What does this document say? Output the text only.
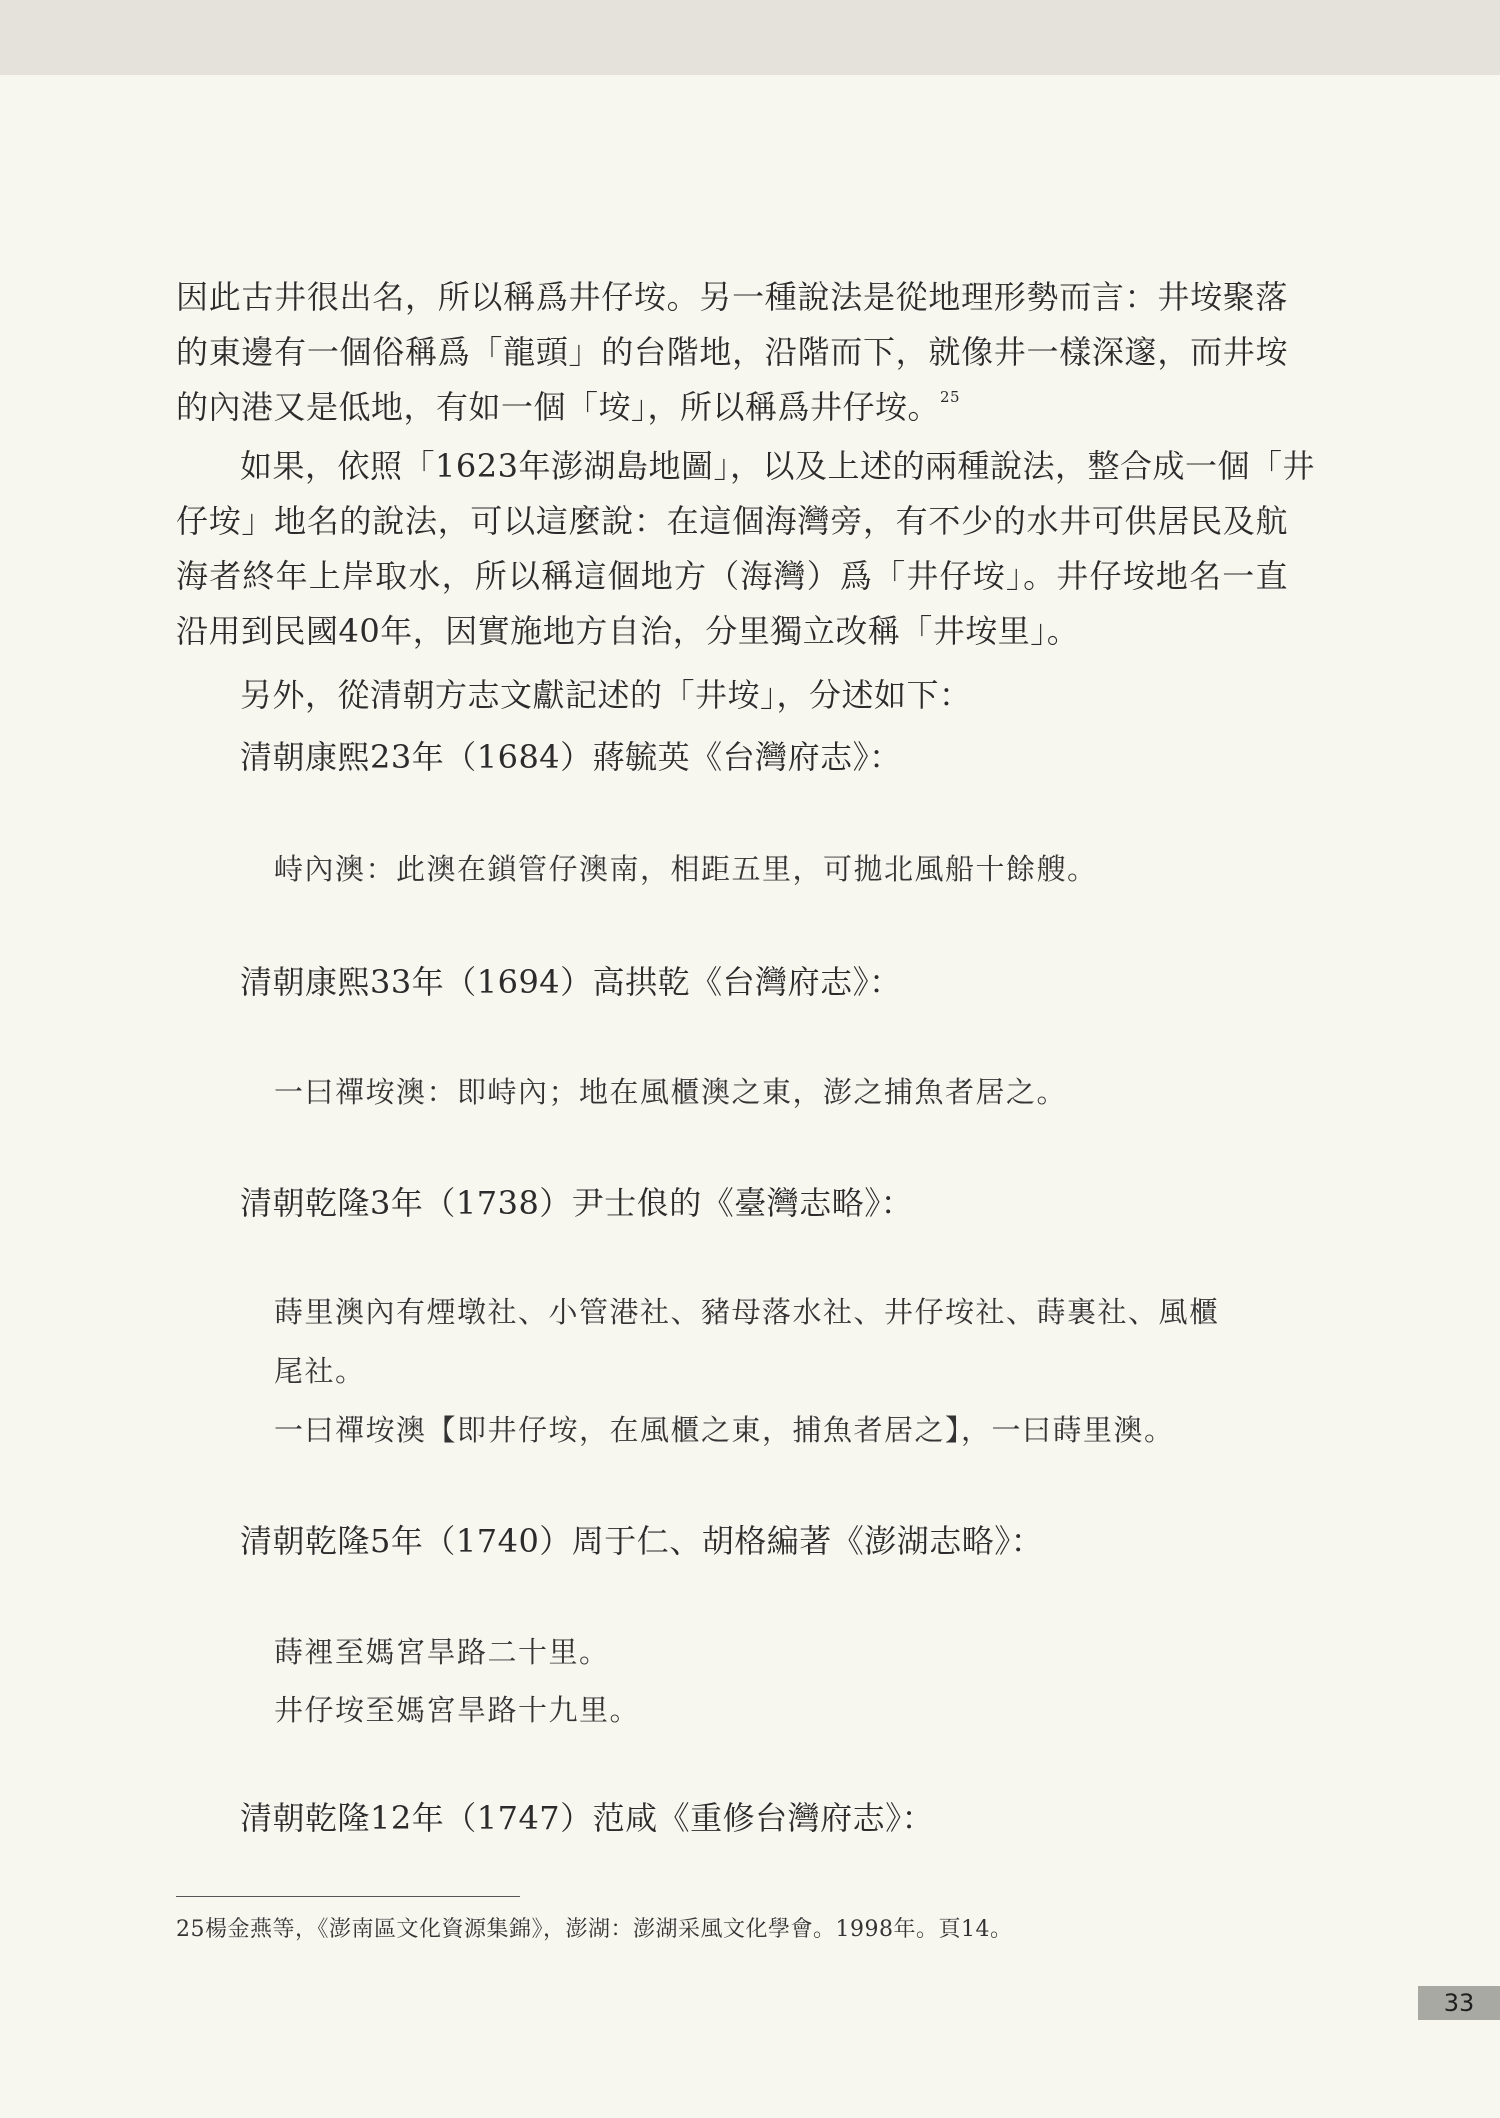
因此古井很出名，所以稱爲井仔垵。另一種說法是從地理形勢而言：井垵聚落
的東邊有一個俗稱爲「龍頭」的台階地，沿階而下，就像井一樣深邃，而井垵
的內港又是低地，有如一個「垵」，所以稱爲井仔垵。$^{25}$
如果，依照「1623年澎湖島地圖」，以及上述的兩種說法，整合成一個「井
仔垵」地名的說法，可以這麼說：在這個海灣旁，有不少的水井可供居民及航
海者終年上岸取水，所以稱這個地方（海灣）爲「井仔垵」。井仔垵地名一直
沿用到民國40年，因實施地方自治，分里獨立改稱「井垵里」。
另外，從清朝方志文獻記述的「井垵」，分述如下：
清朝康熙23年（1684）蔣毓英《台灣府志》：
峙內澳：此澳在鎖管仔澳南，相距五里，可拋北風船十餘艘。
清朝康熙33年（1694）高拱乾《台灣府志》：
一曰禪垵澳：即峙內；地在風櫃澳之東，澎之捕魚者居之。
清朝乾隆3年（1738）尹士俍的《臺灣志略》：
蒔里澳內有煙墩社、小管港社、豬母落水社、井仔垵社、蒔裏社、風櫃
尾社。
一曰禪垵澳【即井仔垵，在風櫃之東，捕魚者居之】，一曰蒔里澳。
清朝乾隆5年（1740）周于仁、胡格編著《澎湖志略》：
蒔裡至媽宮旱路二十里。
井仔垵至媽宮旱路十九里。
清朝乾隆12年（1747）范咸《重修台灣府志》：
25楊金燕等，《澎南區文化資源集錦》，澎湖：澎湖采風文化學會。1998年。頁14。
33
